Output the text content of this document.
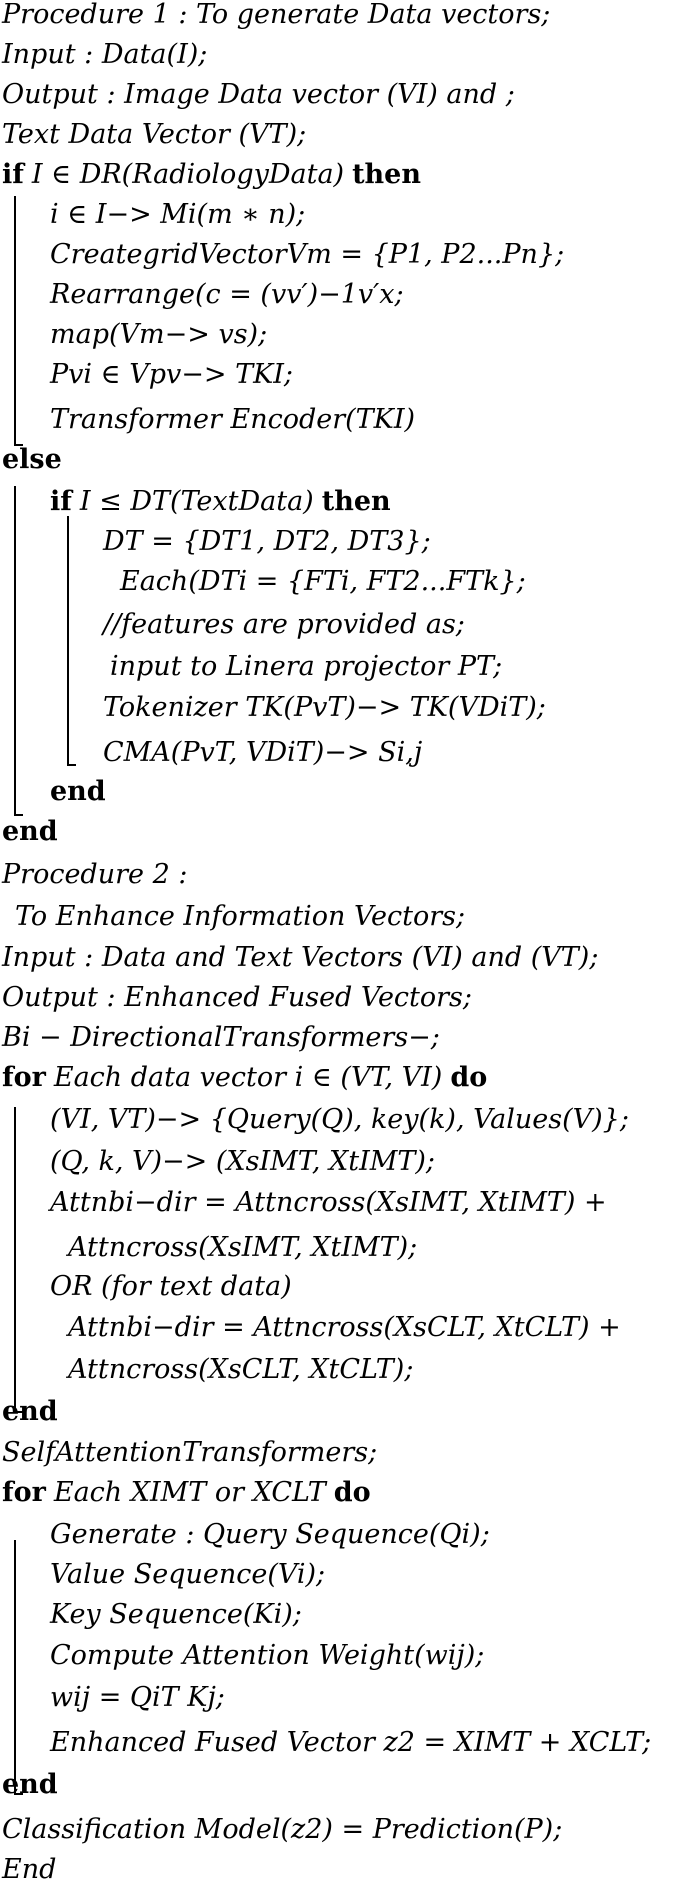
Procedure 1 : To generate Data vectors;
Input : Data(I);
Output : Image Data vector (VI) and ;
Text Data Vector (VT);
if I ∈ DR(RadiologyData) then
i ∈ I−> Mi(m ∗ n);
CreategridVectorVm = {P1, P2...Pn};
Rearrange(c = (vv′)−1v′x;
map(Vm−> vs);
Pvi ∈ Vpv−> TKI;
Transformer Encoder(TKI)
else
if I ≤ DT(TextData) then
DT = {DT1, DT2, DT3};
Each(DTi = {FTi, FT2...FTk};
//features are provided as;
input to Linera projector PT;
Tokenizer TK(PvT)−> TK(VDiT);
CMA(PvT, VDiT)−> Si,j
end
end
Procedure 2 :
To Enhance Information Vectors;
Input : Data and Text Vectors (VI) and (VT);
Output : Enhanced Fused Vectors;
Bi − DirectionalTransformers−;
for Each data vector i ∈ (VT, VI) do
(VI, VT)−> {Query(Q), key(k), Values(V)};
(Q, k, V)−> (XsIMT, XtIMT);
Attnbi−dir = Attncross(XsIMT, XtIMT) +
Attncross(XsIMT, XtIMT);
OR (for text data)
Attnbi−dir = Attncross(XsCLT, XtCLT) +
Attncross(XsCLT, XtCLT);
end
SelfAttentionTransformers;
for Each XIMT or XCLT do
Generate : Query Sequence(Qi);
Value Sequence(Vi);
Key Sequence(Ki);
Compute Attention Weight(wij);
wij = QiT Kj;
Enhanced Fused Vector z2 = XIMT + XCLT;
end
Classification Model(z2) = Prediction(P);
End
